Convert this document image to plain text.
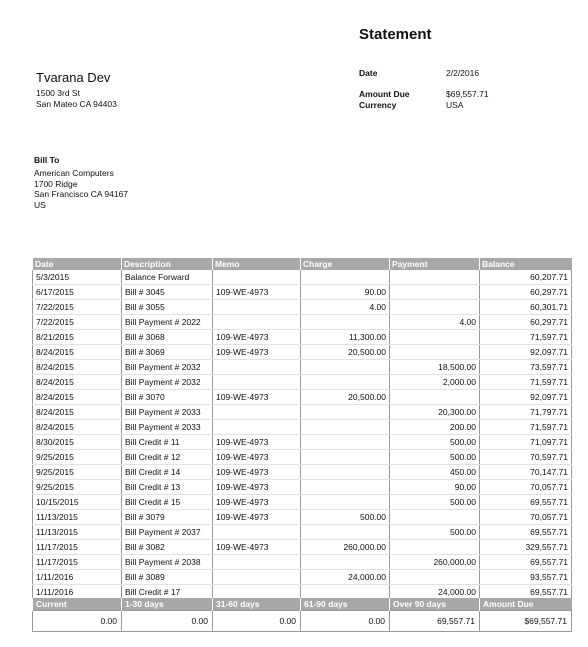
Statement
Tvarana Dev
1500 3rd St
San Mateo CA 94403
Date	2/2/2016
Amount Due	$69,557.71
Currency	USA
Bill To
American Computers
1700 Ridge
San Francisco CA 94167
US
Date	Description	Memo	Charge	Payment	Balance
5/3/2015	Balance Forward				60,207.71
6/17/2015	Bill # 3045	109-WE-4973	90.00		60,297.71
7/22/2015	Bill # 3055		4.00		60,301.71
7/22/2015	Bill Payment # 2022			4.00	60,297.71
8/21/2015	Bill # 3068	109-WE-4973	11,300.00		71,597.71
8/24/2015	Bill # 3069	109-WE-4973	20,500.00		92,097.71
8/24/2015	Bill Payment # 2032			18,500.00	73,597.71
8/24/2015	Bill Payment # 2032			2,000.00	71,597.71
8/24/2015	Bill # 3070	109-WE-4973	20,500.00		92,097.71
8/24/2015	Bill Payment # 2033			20,300.00	71,797.71
8/24/2015	Bill Payment # 2033			200.00	71,597.71
8/30/2015	Bill Credit # 11	109-WE-4973		500.00	71,097.71
9/25/2015	Bill Credit # 12	109-WE-4973		500.00	70,597.71
9/25/2015	Bill Credit # 14	109-WE-4973		450.00	70,147.71
9/25/2015	Bill Credit # 13	109-WE-4973		90.00	70,057.71
10/15/2015	Bill Credit # 15	109-WE-4973		500.00	69,557.71
11/13/2015	Bill # 3079	109-WE-4973	500.00		70,057.71
11/13/2015	Bill Payment # 2037			500.00	69,557.71
11/17/2015	Bill # 3082	109-WE-4973	260,000.00		329,557.71
11/17/2015	Bill Payment # 2038			260,000.00	69,557.71
1/11/2016	Bill # 3089		24,000.00		93,557.71
1/11/2016	Bill Credit # 17			24,000.00	69,557.71
Current	1-30 days	31-60 days	61-90 days	Over 90 days	Amount Due
0.00	0.00	0.00	0.00	69,557.71	$69,557.71
